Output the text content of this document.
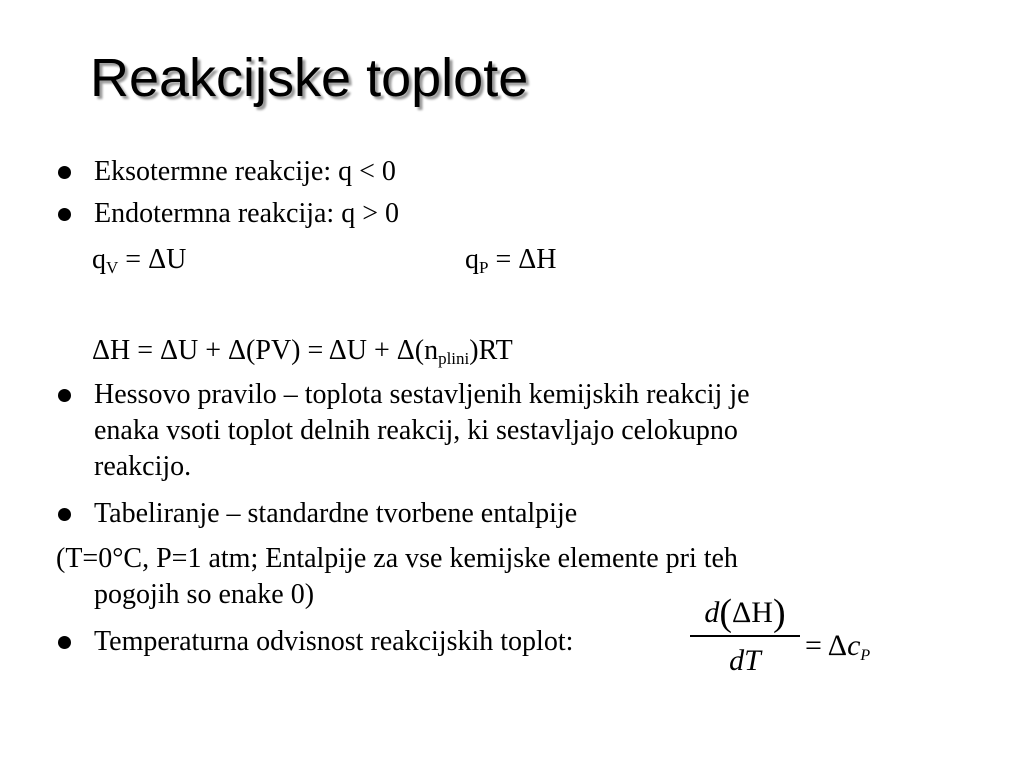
Reakcijske toplote
Eksotermne reakcije: q < 0
Endotermna reakcija: q > 0
$q_V = \Delta U$	$q_P = \Delta H$
$\Delta H = \Delta U + \Delta(PV) = \Delta U + \Delta(n_{plini})RT$
Hessovo pravilo – toplota sestavljenih kemijskih reakcij je
enaka vsoti toplot delnih reakcij, ki sestavljajo celokupno
reakcijo.
Tabeliranje – standardne tvorbene entalpije
(T=0°C, P=1 atm; Entalpije za vse kemijske elemente pri teh
pogojih so enake 0)
Temperaturna odvisnost reakcijskih toplot:
d(ΔH)
dT	= $\Delta c_P$
